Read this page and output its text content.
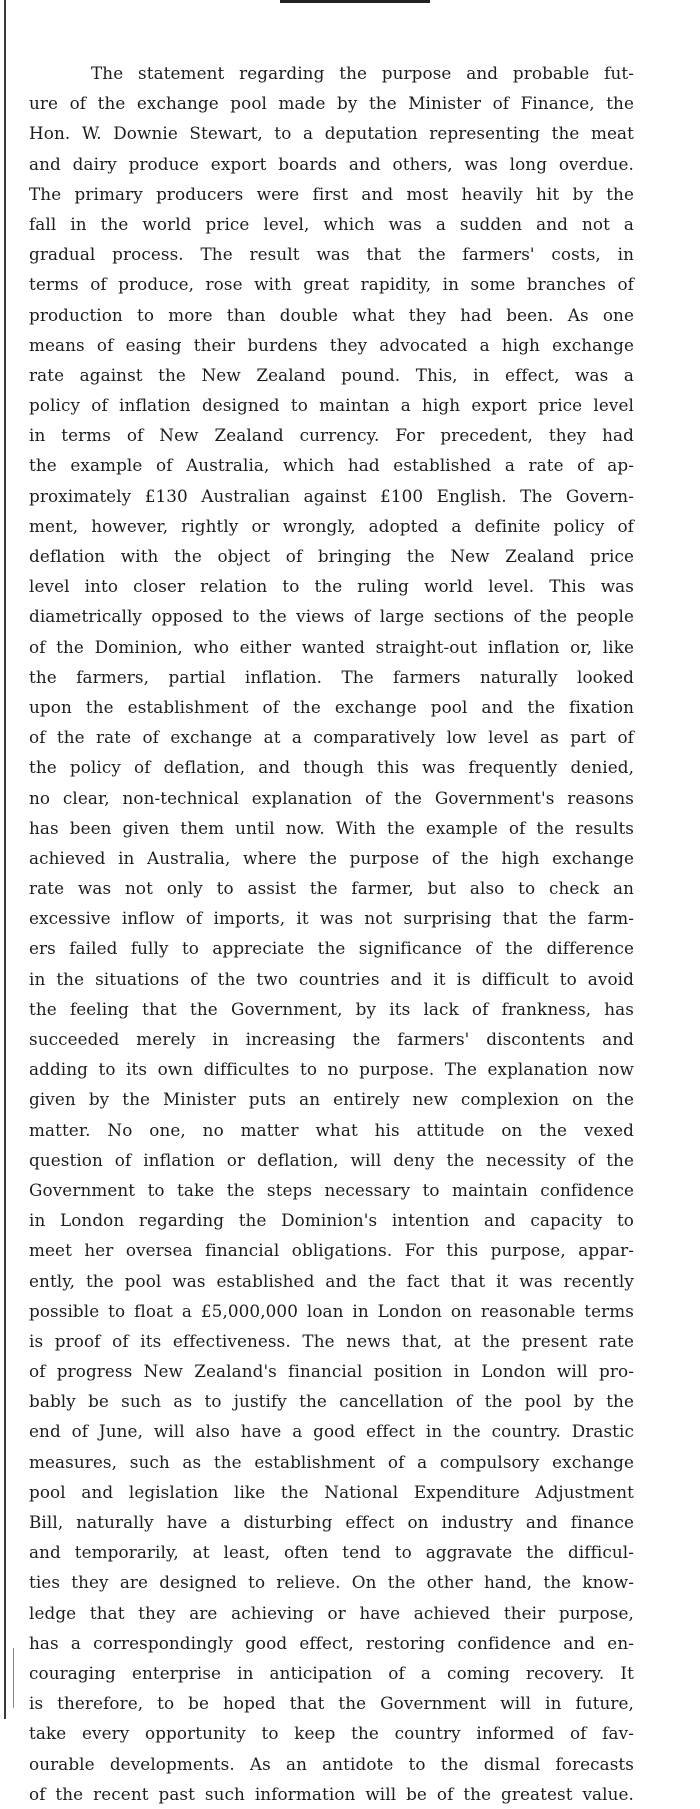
The statement regarding the purpose and probable fut-
ure of the exchange pool made by the Minister of Finance, the
Hon. W. Downie Stewart, to a deputation representing the meat
and dairy produce export boards and others, was long overdue.
The primary producers were first and most heavily hit by the
fall in the world price level, which was a sudden and not a
gradual process. The result was that the farmers' costs, in
terms of produce, rose with great rapidity, in some branches of
production to more than double what they had been. As one
means of easing their burdens they advocated a high exchange
rate against the New Zealand pound. This, in effect, was a
policy of inflation designed to maintan a high export price level
in terms of New Zealand currency. For precedent, they had
the example of Australia, which had established a rate of ap-
proximately £130 Australian against £100 English. The Govern-
ment, however, rightly or wrongly, adopted a definite policy of
deflation with the object of bringing the New Zealand price
level into closer relation to the ruling world level. This was
diametrically opposed to the views of large sections of the people
of the Dominion, who either wanted straight-out inflation or, like
the farmers, partial inflation. The farmers naturally looked
upon the establishment of the exchange pool and the fixation
of the rate of exchange at a comparatively low level as part of
the policy of deflation, and though this was frequently denied,
no clear, non-technical explanation of the Government's reasons
has been given them until now. With the example of the results
achieved in Australia, where the purpose of the high exchange
rate was not only to assist the farmer, but also to check an
excessive inflow of imports, it was not surprising that the farm-
ers failed fully to appreciate the significance of the difference
in the situations of the two countries and it is difficult to avoid
the feeling that the Government, by its lack of frankness, has
succeeded merely in increasing the farmers' discontents and
adding to its own difficultes to no purpose. The explanation now
given by the Minister puts an entirely new complexion on the
matter. No one, no matter what his attitude on the vexed
question of inflation or deflation, will deny the necessity of the
Government to take the steps necessary to maintain confidence
in London regarding the Dominion's intention and capacity to
meet her oversea financial obligations. For this purpose, appar-
ently, the pool was established and the fact that it was recently
possible to float a £5,000,000 loan in London on reasonable terms
is proof of its effectiveness. The news that, at the present rate
of progress New Zealand's financial position in London will pro-
bably be such as to justify the cancellation of the pool by the
end of June, will also have a good effect in the country. Drastic
measures, such as the establishment of a compulsory exchange
pool and legislation like the National Expenditure Adjustment
Bill, naturally have a disturbing effect on industry and finance
and temporarily, at least, often tend to aggravate the difficul-
ties they are designed to relieve. On the other hand, the know-
ledge that they are achieving or have achieved their purpose,
has a correspondingly good effect, restoring confidence and en-
couraging enterprise in anticipation of a coming recovery. It
is therefore, to be hoped that the Government will in future,
take every opportunity to keep the country informed of fav-
ourable developments. As an antidote to the dismal forecasts
of the recent past such information will be of the greatest value.
